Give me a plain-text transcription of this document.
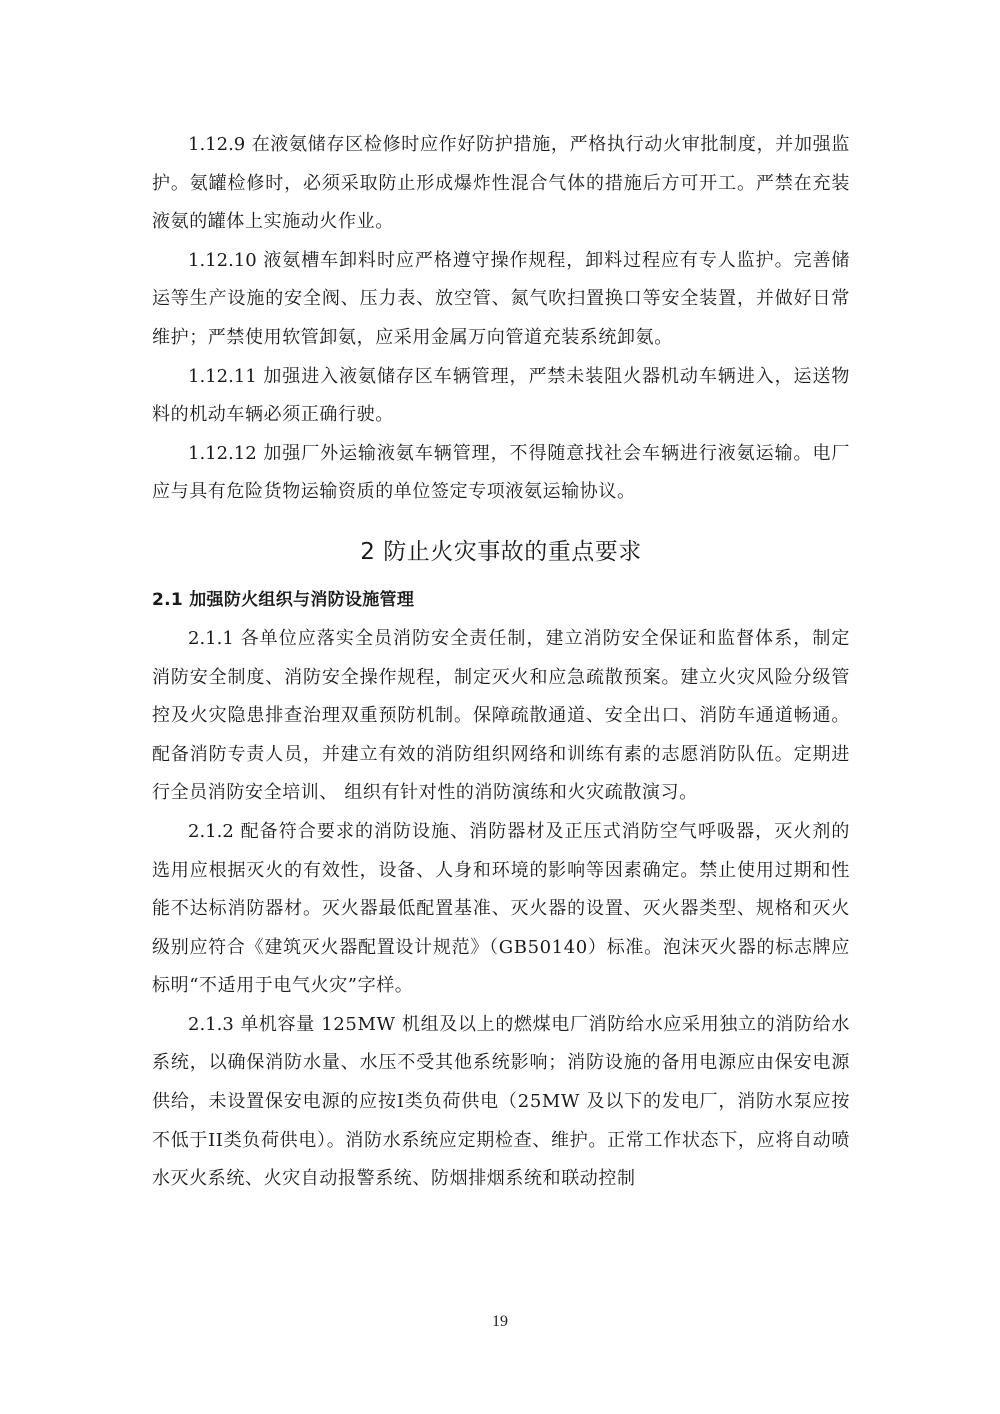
1.12.9 在液氨储存区检修时应作好防护措施，严格执行动火审批制度，并加强监护。氨罐检修时，必须采取防止形成爆炸性混合气体的措施后方可开工。严禁在充装液氨的罐体上实施动火作业。

1.12.10 液氨槽车卸料时应严格遵守操作规程，卸料过程应有专人监护。完善储运等生产设施的安全阀、压力表、放空管、氮气吹扫置换口等安全装置，并做好日常维护；严禁使用软管卸氨，应采用金属万向管道充装系统卸氨。

1.12.11 加强进入液氨储存区车辆管理，严禁未装阻火器机动车辆进入，运送物料的机动车辆必须正确行驶。

1.12.12 加强厂外运输液氨车辆管理，不得随意找社会车辆进行液氨运输。电厂应与具有危险货物运输资质的单位签定专项液氨运输协议。

2 防止火灾事故的重点要求
2.1 加强防火组织与消防设施管理

2.1.1 各单位应落实全员消防安全责任制，建立消防安全保证和监督体系，制定消防安全制度、消防安全操作规程，制定灭火和应急疏散预案。建立火灾风险分级管控及火灾隐患排查治理双重预防机制。保障疏散通道、安全出口、消防车通道畅通。配备消防专责人员，并建立有效的消防组织网络和训练有素的志愿消防队伍。定期进行全员消防安全培训、 组织有针对性的消防演练和火灾疏散演习。

2.1.2 配备符合要求的消防设施、消防器材及正压式消防空气呼吸器，灭火剂的选用应根据灭火的有效性，设备、人身和环境的影响等因素确定。禁止使用过期和性能不达标消防器材。灭火器最低配置基准、灭火器的设置、灭火器类型、规格和灭火级别应符合《建筑灭火器配置设计规范》（GB50140）标准。泡沫灭火器的标志牌应标明“不适用于电气火灾”字样。

2.1.3 单机容量 125MW 机组及以上的燃煤电厂消防给水应采用独立的消防给水系统，以确保消防水量、水压不受其他系统影响；消防设施的备用电源应由保安电源供给，未设置保安电源的应按I类负荷供电（25MW 及以下的发电厂，消防水泵应按不低于II类负荷供电）。消防水系统应定期检查、维护。正常工作状态下，应将自动喷水灭火系统、火灾自动报警系统、防烟排烟系统和联动控制

19
